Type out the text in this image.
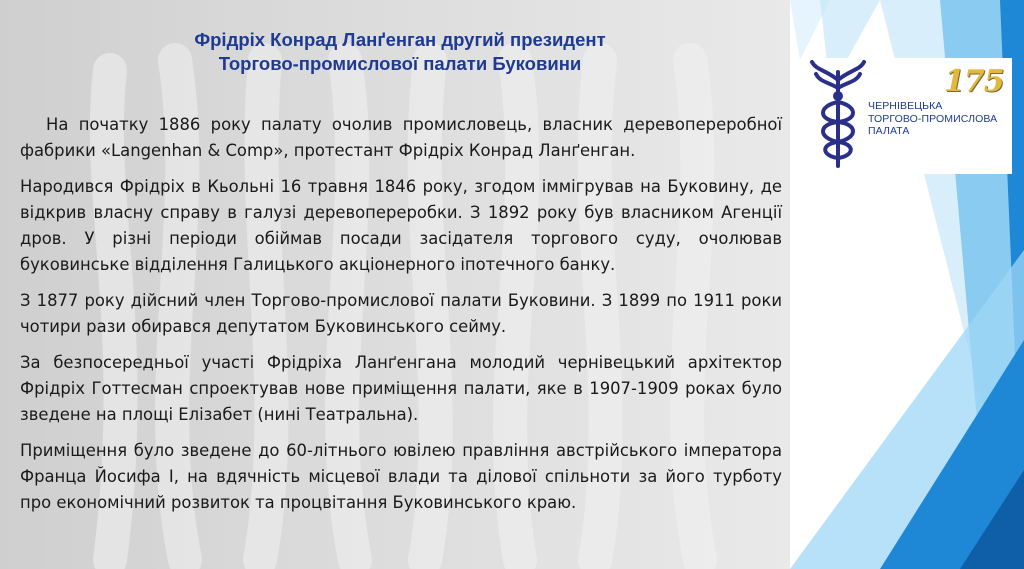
Фрідріх Конрад Ланґенган другий президент
Торгово-промислової палати Буковини

На початку 1886 року палату очолив промисловець, власник деревопереробної фабрики «Langenhan & Comp», протестант Фрідріх Конрад Ланґенган.

Народився Фрідріх в Кьольні 16 травня 1846 року, згодом іммігрував на Буковину, де відкрив власну справу в галузі деревопереробки. З 1892 року був власником Агенції дров. У різні періоди обіймав посади засідателя торгового суду, очолював буковинське відділення Галицького акціонерного іпотечного банку.

З 1877 року дійсний член Торгово-промислової палати Буковини. З 1899 по 1911 роки чотири рази обирався депутатом Буковинського сейму.

За безпосередньої участі Фрідріха Ланґенгана молодий чернівецький архітектор Фрідріх Готтесман спроектував нове приміщення палати, яке в 1907-1909 роках було зведене на площі Елізабет (нині Театральна).

Приміщення було зведене до 60-літнього ювілею правління австрійського імператора Франца Йосифа І, на вдячність місцевої влади та ділової спільноти за його турботу про економічний розвиток та процвітання Буковинського краю.

175
ЧЕРНІВЕЦЬКА
ТОРГОВО-ПРОМИСЛОВА
ПАЛАТА
